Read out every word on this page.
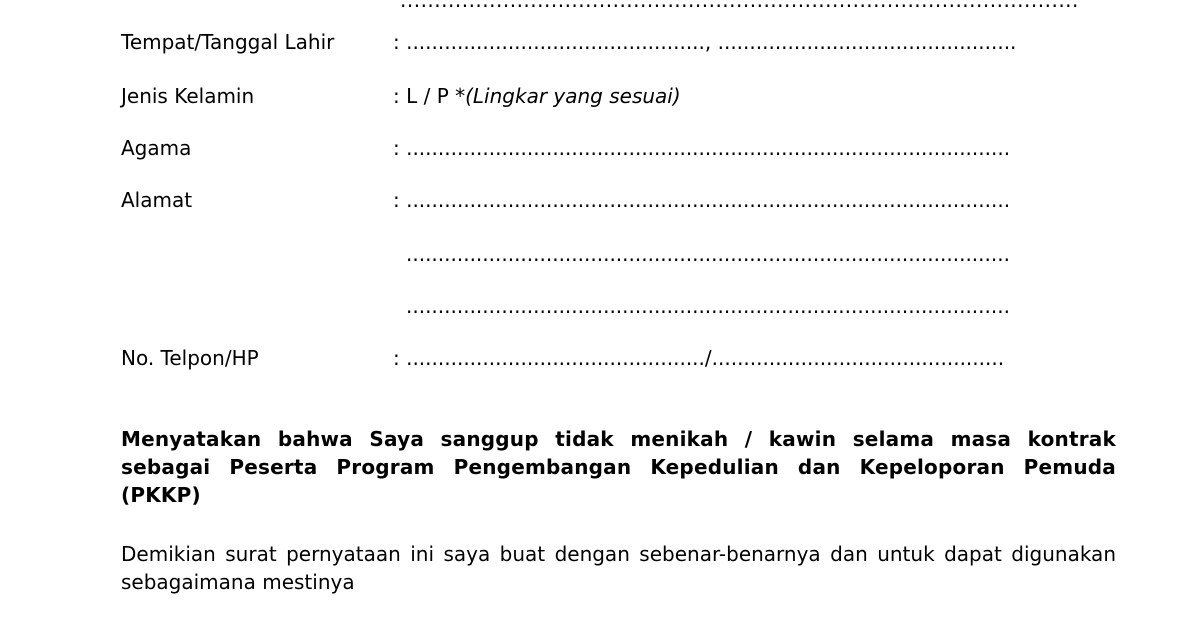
...................................................................................................
Tempat/Tanggal Lahir	: ..............................................., ...............................................
Jenis Kelamin	: L / P *(Lingkar yang sesuai)
Agama	: ...............................................................................................
Alamat	: ...............................................................................................
...............................................................................................
...............................................................................................
No. Telpon/HP	: .............................................../..............................................
Menyatakan bahwa Saya sanggup tidak menikah / kawin selama masa kontrak sebagai Peserta Program Pengembangan Kepedulian dan Kepeloporan Pemuda (PKKP)
Demikian surat pernyataan ini saya buat dengan sebenar-benarnya dan untuk dapat digunakan sebagaimana mestinya
